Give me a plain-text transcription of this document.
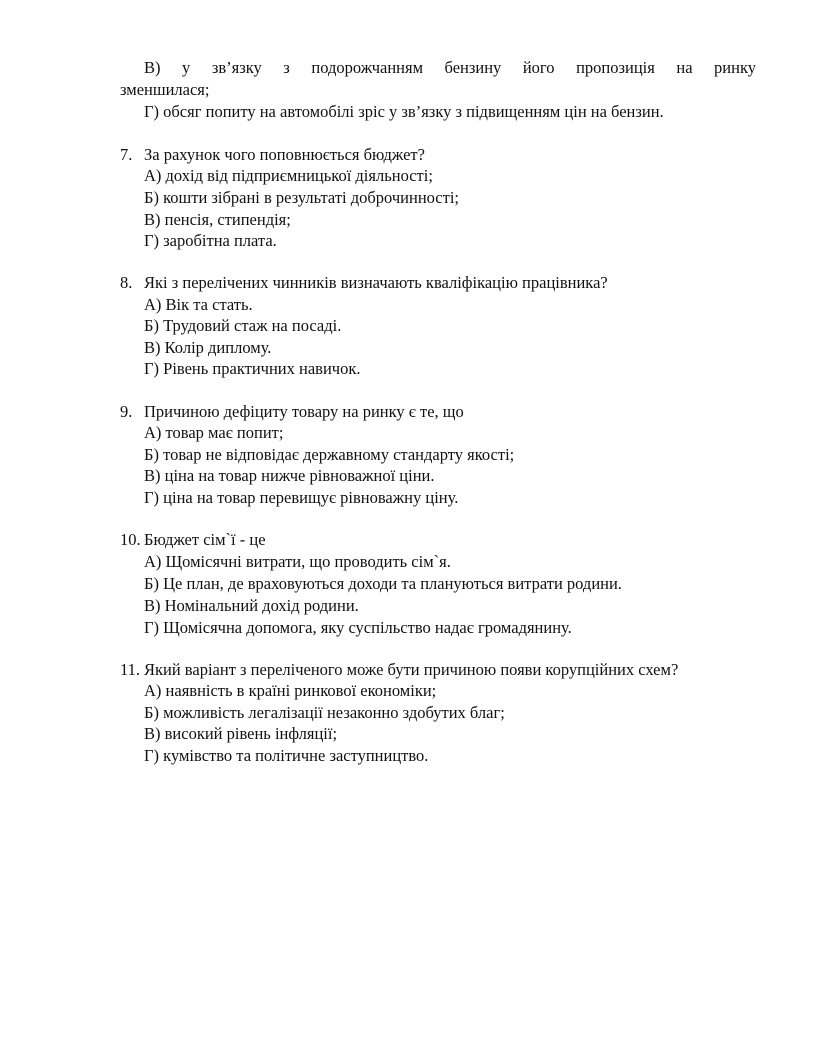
В) у зв’язку з подорожчанням бензину його пропозиція на ринку
зменшилася;
Г) обсяг попиту на автомобілі зріс у зв’язку з підвищенням цін на бензин.
7. За рахунок чого поповнюється бюджет?
А) дохід від підприємницької діяльності;
Б) кошти зібрані в результаті доброчинності;
В) пенсія, стипендія;
Г) заробітна плата.
8. Які з перелічених чинників визначають кваліфікацію працівника?
А) Вік та стать.
Б) Трудовий стаж на посаді.
В) Колір диплому.
Г) Рівень практичних навичок.
9. Причиною дефіциту товару на ринку є те, що
А) товар має попит;
Б) товар не відповідає державному стандарту якості;
В) ціна на товар нижче рівноважної ціни.
Г) ціна на товар перевищує рівноважну ціну.
10. Бюджет сім`ї - це
А) Щомісячні витрати, що проводить сім`я.
Б) Це план, де враховуються доходи та плануються витрати родини.
В) Номінальний дохід родини.
Г) Щомісячна допомога, яку суспільство надає громадянину.
11. Який варіант з переліченого може бути причиною появи корупційних схем?
А) наявність в країні ринкової економіки;
Б) можливість легалізації незаконно здобутих благ;
В) високий рівень інфляції;
Г) кумівство та політичне заступництво.
